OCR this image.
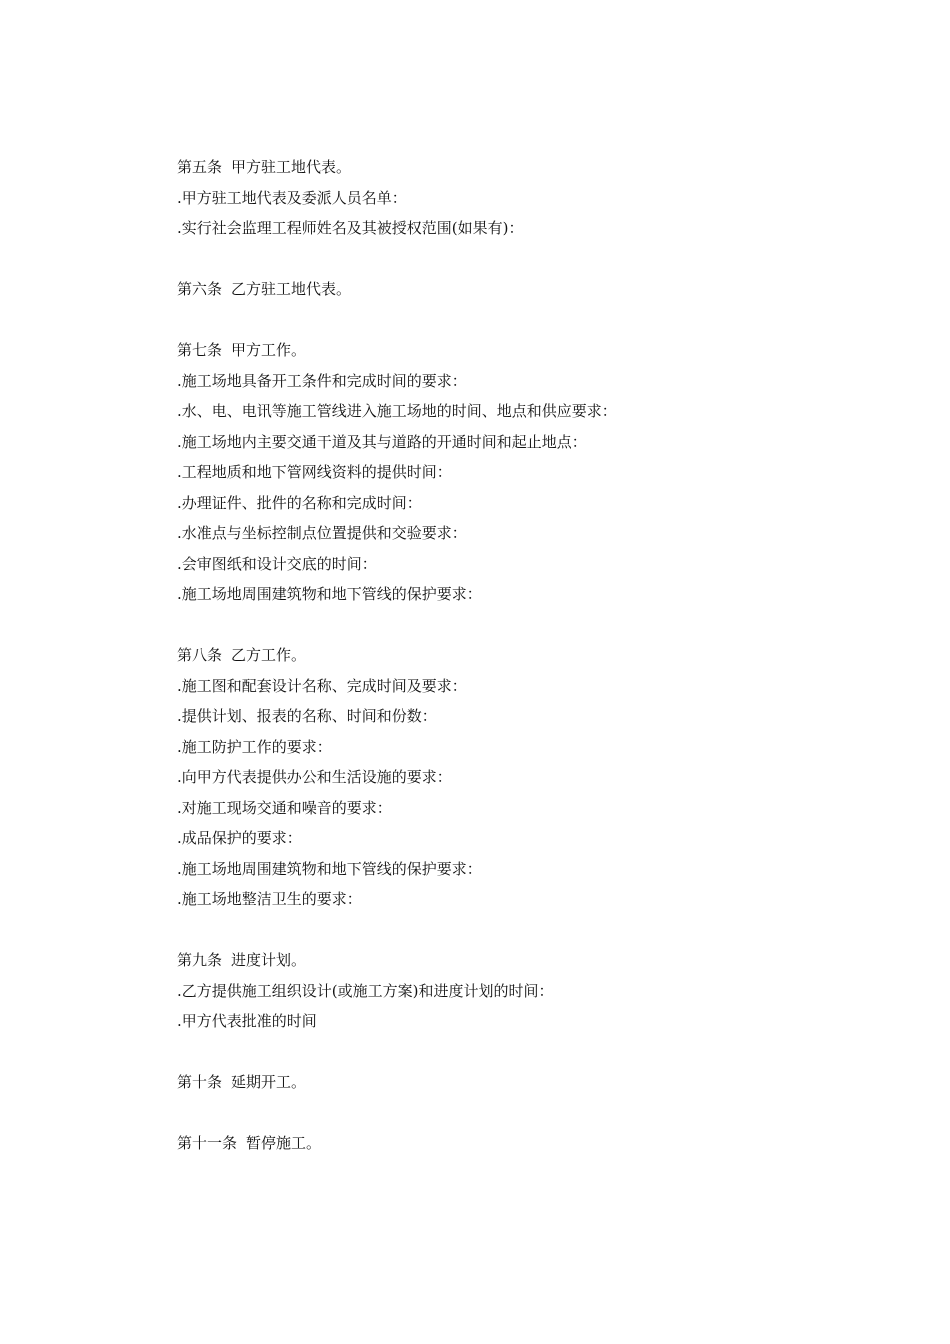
第五条 甲方驻工地代表。
.甲方驻工地代表及委派人员名单：
.实行社会监理工程师姓名及其被授权范围(如果有)：
第六条 乙方驻工地代表。
第七条 甲方工作。
.施工场地具备开工条件和完成时间的要求：
.水、电、电讯等施工管线进入施工场地的时间、地点和供应要求：
.施工场地内主要交通干道及其与道路的开通时间和起止地点：
.工程地质和地下管网线资料的提供时间：
.办理证件、批件的名称和完成时间：
.水准点与坐标控制点位置提供和交验要求：
.会审图纸和设计交底的时间：
.施工场地周围建筑物和地下管线的保护要求：
第八条 乙方工作。
.施工图和配套设计名称、完成时间及要求：
.提供计划、报表的名称、时间和份数：
.施工防护工作的要求：
.向甲方代表提供办公和生活设施的要求：
.对施工现场交通和噪音的要求：
.成品保护的要求：
.施工场地周围建筑物和地下管线的保护要求：
.施工场地整洁卫生的要求：
第九条 进度计划。
.乙方提供施工组织设计(或施工方案)和进度计划的时间：
.甲方代表批准的时间
第十条 延期开工。
第十一条 暂停施工。
